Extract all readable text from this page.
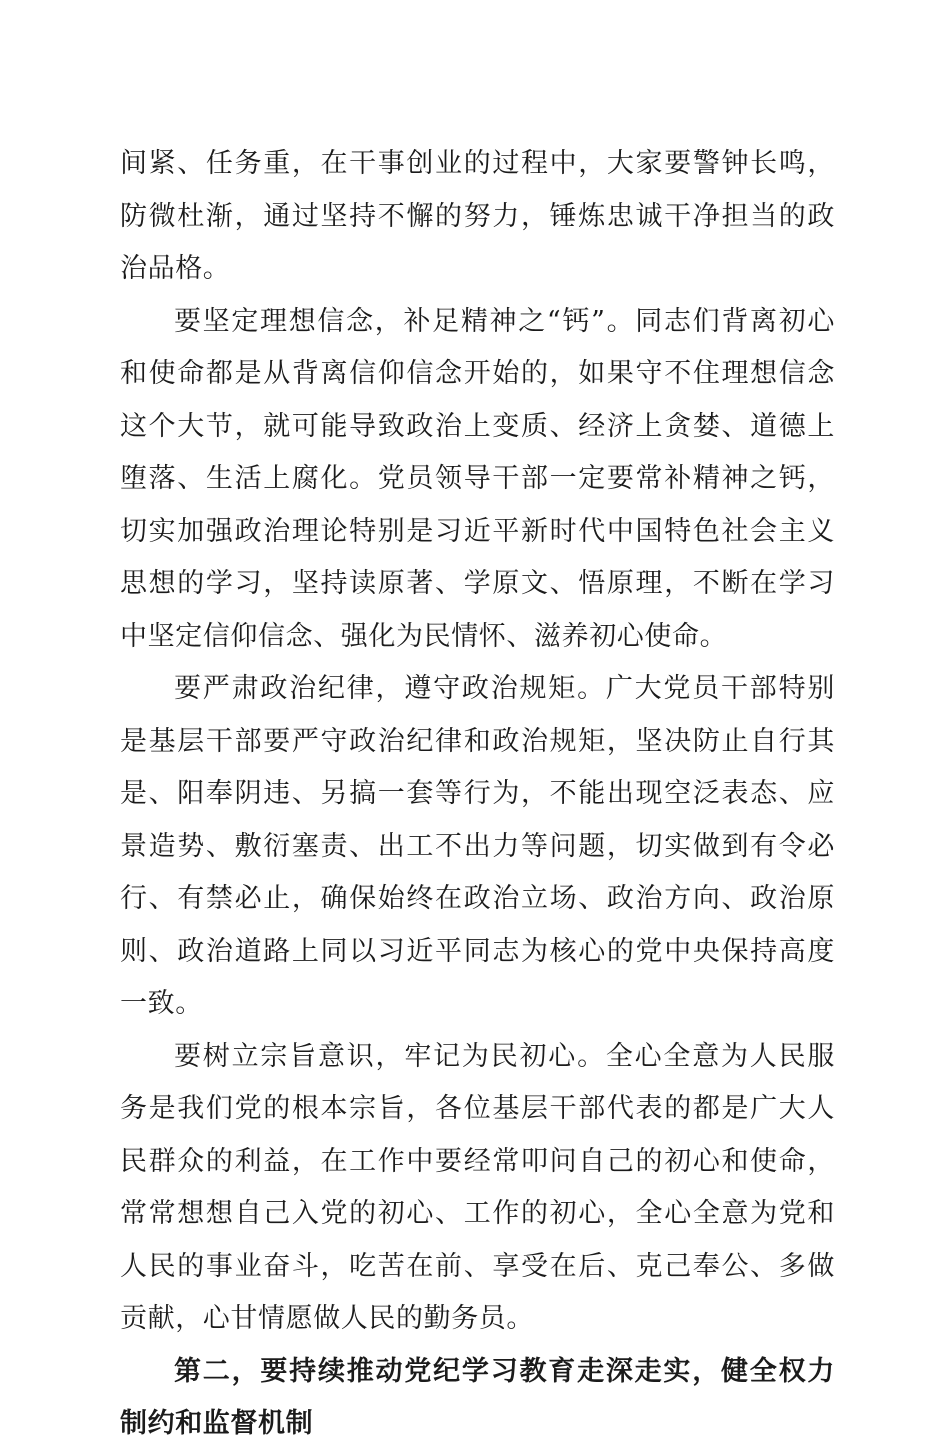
间紧、任务重，在干事创业的过程中，大家要警钟长鸣，防微杜渐，通过坚持不懈的努力，锤炼忠诚干净担当的政治品格。

要坚定理想信念，补足精神之“钙”。同志们背离初心和使命都是从背离信仰信念开始的，如果守不住理想信念这个大节，就可能导致政治上变质、经济上贪婪、道德上堕落、生活上腐化。党员领导干部一定要常补精神之钙，切实加强政治理论特别是习近平新时代中国特色社会主义思想的学习，坚持读原著、学原文、悟原理，不断在学习中坚定信仰信念、强化为民情怀、滋养初心使命。

要严肃政治纪律，遵守政治规矩。广大党员干部特别是基层干部要严守政治纪律和政治规矩，坚决防止自行其是、阳奉阴违、另搞一套等行为，不能出现空泛表态、应景造势、敷衍塞责、出工不出力等问题，切实做到有令必行、有禁必止，确保始终在政治立场、政治方向、政治原则、政治道路上同以习近平同志为核心的党中央保持高度一致。

要树立宗旨意识，牢记为民初心。全心全意为人民服务是我们党的根本宗旨，各位基层干部代表的都是广大人民群众的利益，在工作中要经常叩问自己的初心和使命，常常想想自己入党的初心、工作的初心，全心全意为党和人民的事业奋斗，吃苦在前、享受在后、克己奉公、多做贡献，心甘情愿做人民的勤务员。

第二，要持续推动党纪学习教育走深走实，健全权力制约和监督机制
